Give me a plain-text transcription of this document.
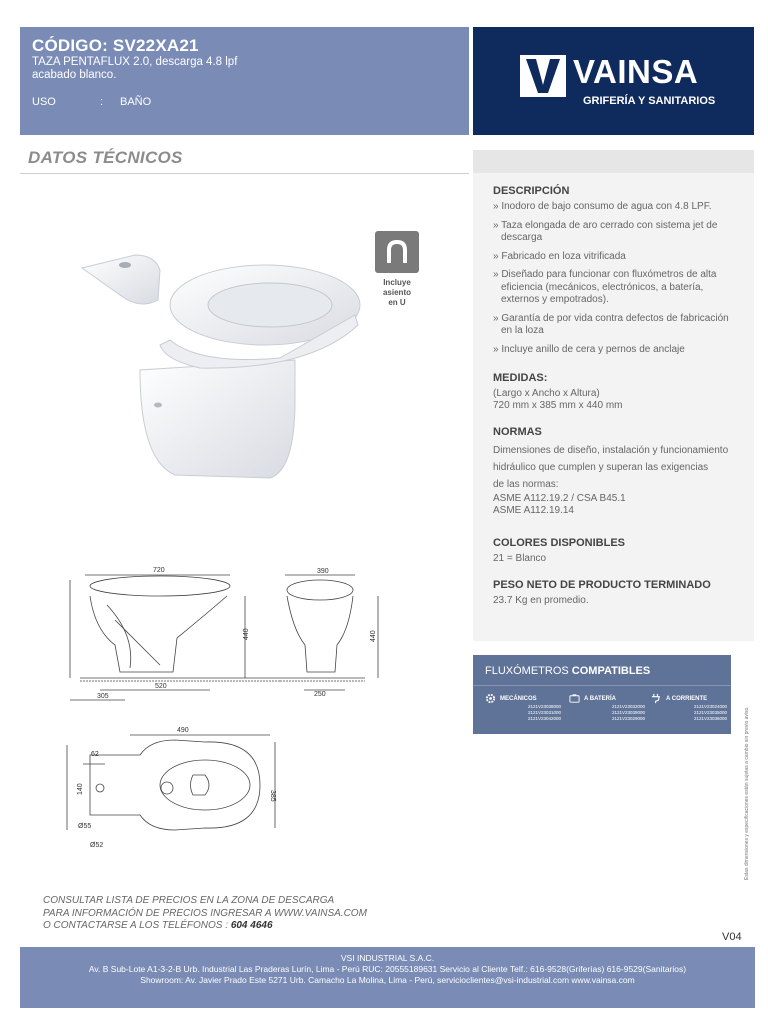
CÓDIGO: SV22XA21
TAZA PENTAFLUX 2.0, descarga 4.8 lpf
acabado blanco.
USO	: BAÑO
VAINSA
GRIFERÍA Y SANITARIOS
DATOS TÉCNICOS
Incluye
asiento
en U
720
440
520
305
390
440
250
490
385
62
140
Ø55
Ø52
DESCRIPCIÓN
» Inodoro de bajo consumo de agua con 4.8 LPF.
» Taza elongada de aro cerrado con sistema jet de descarga
» Fabricado en loza vitrificada
» Diseñado para funcionar con fluxómetros de alta eficiencia (mecánicos, electrónicos, a batería, externos y empotrados).
» Garantía de por vida contra defectos de fabricación en la loza
» Incluye anillo de cera y pernos de anclaje
MEDIDAS:
(Largo x Ancho x Altura)
720 mm x 385 mm x 440 mm
NORMAS
Dimensiones de diseño, instalación y funcionamiento
hidráulico que cumplen y superan las exigencias
de las normas:
ASME A112.19.2 / CSA B45.1
ASME A112.19.14
COLORES DISPONIBLES
21 = Blanco
PESO NETO DE PRODUCTO TERMINADO
23.7 Kg en promedio.
FLUXÓMETROS COMPATIBLES
MECÁNICOS
2121V23038000
2121V23031000
2121V23042000
A BATERÍA
2121V23032000
2121V23039000
2121V23029000
A CORRIENTE
2121V23024000
2121V23035000
2121V23036000	Estas dimensiones y especificaciones están sujetas a cambio sin previo aviso.
CONSULTAR LISTA DE PRECIOS EN LA ZONA DE DESCARGA
PARA INFORMACIÓN DE PRECIOS INGRESAR A WWW.VAINSA.COM
O CONTACTARSE A LOS TELÉFONOS : 604 4646
V04
VSI INDUSTRIAL S.A.C.
Av. B Sub-Lote A1-3-2-B Urb. Industrial Las Praderas Lurín, Lima - Perú RUC: 20555189631 Servicio al Cliente Telf.: 616-9528(Griferías) 616-9529(Sanitarios)
Showroom: Av. Javier Prado Este 5271 Urb. Camacho La Molina, Lima - Perú, servicioclientes@vsi-industrial.com www.vainsa.com
